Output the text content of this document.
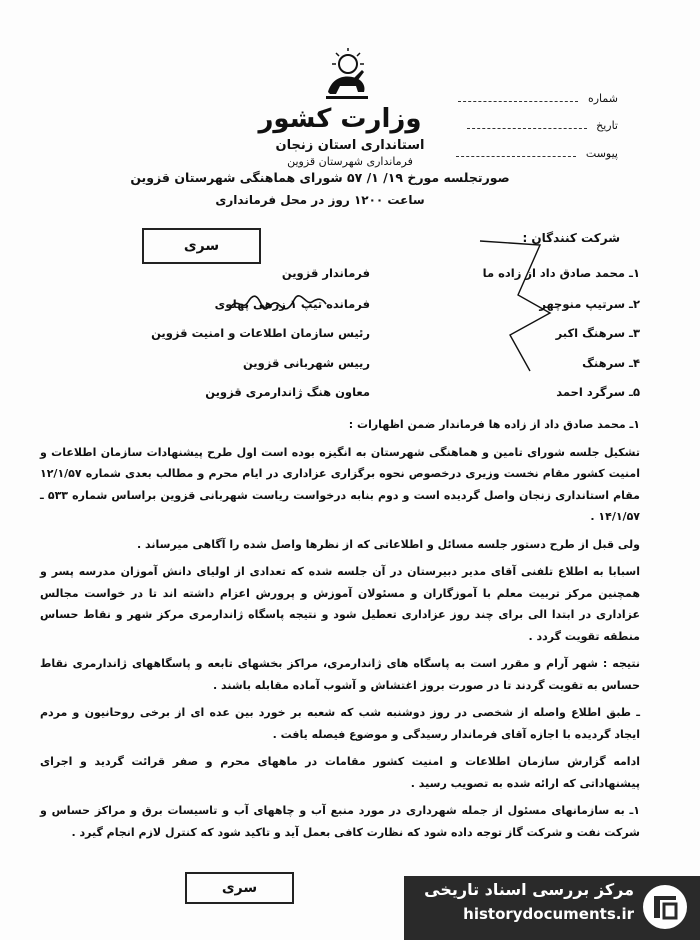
وزارت کشور
استانداری استان زنجان
فرمانداری شهرستان قزوین
صورتجلسه مورخ ۱۹/ ۱/ ۵۷ شورای هماهنگی شهرستان قزوین
ساعت ۱۲۰۰ روز در محل فرمانداری
شماره
تاریخ
پیوست
سری	شرکت کنندگان :
۱ـ محمد صادق داد از زاده ما
فرماندار قزوین
۲ـ سرتیپ منوچهر
فرمانده تیپ ۱ زرهی پهلوی
۳ـ سرهنگ اکبر
رئیس سازمان اطلاعات و امنیت قزوین
۴ـ سرهنگ
رییس شهربانی قزوین
۵ـ سرگرد احمد
معاون هنگ ژاندارمری قزوین

۱ـ محمد صادق داد از زاده ها فرماندار ضمن اظهارات :

تشکیل جلسه شورای تامین و هماهنگی شهرستان به انگیزه بوده است اول طرح پیشنهادات سازمان اطلاعات و امنیت کشور مقام نخست وزیری درخصوص نحوه برگزاری عزاداری در ایام محرم و مطالب بعدی شماره ۱۲/۱/۵۷ مقام استانداری زنجان واصل گردیده است و دوم بنابه درخواست ریاست شهربانی قزوین براساس شماره ۵۳۳ ـ ۱۴/۱/۵۷ .

ولی قبل از طرح دستور جلسه مسائل و اطلاعاتی که از نظرها واصل شده را آگاهی میرساند .

اسبابا به اطلاع تلفنی آقای مدیر دبیرستان در آن جلسه شده که تعدادی از اولیای دانش آموزان مدرسه پسر و همچنین مرکز تربیت معلم با آموزگاران و مسئولان آموزش و پرورش اعزام داشته اند تا در خواست مجالس عزاداری در ابتدا الی برای چند روز عزاداری تعطیل شود و نتیجه پاسگاه ژاندارمری مرکز شهر و نقاط حساس منطقه تقویت گردد .

نتیجه : شهر آرام و مقرر است به پاسگاه های ژاندارمری، مراکز بخشهای تابعه و پاسگاههای ژاندارمری نقاط حساس به تقویت گردند تا در صورت بروز اغتشاش و آشوب آماده مقابله باشند .

ـ طبق اطلاع واصله از شخصی در روز دوشنبه شب که شعبه بر خورد بین عده ای از برخی روحانیون و مردم ایجاد گردیده با اجازه آقای فرماندار رسیدگی و موضوع فیصله یافت .

ادامه گزارش سازمان اطلاعات و امنیت کشور مقامات در ماههای محرم و صفر قرائت گردید و اجرای پیشنهاداتی که ارائه شده به تصویب رسید .

۱ـ به سازمانهای مسئول از جمله شهرداری در مورد منبع آب و چاههای آب و تاسیسات برق و مراکز حساس و شرکت نفت و شرکت گاز توجه داده شود که نظارت کافی بعمل آید و تاکید شود که کنترل لازم انجام گیرد .

سری	مرکز بررسی اسناد تاریخی
historydocuments.ir
